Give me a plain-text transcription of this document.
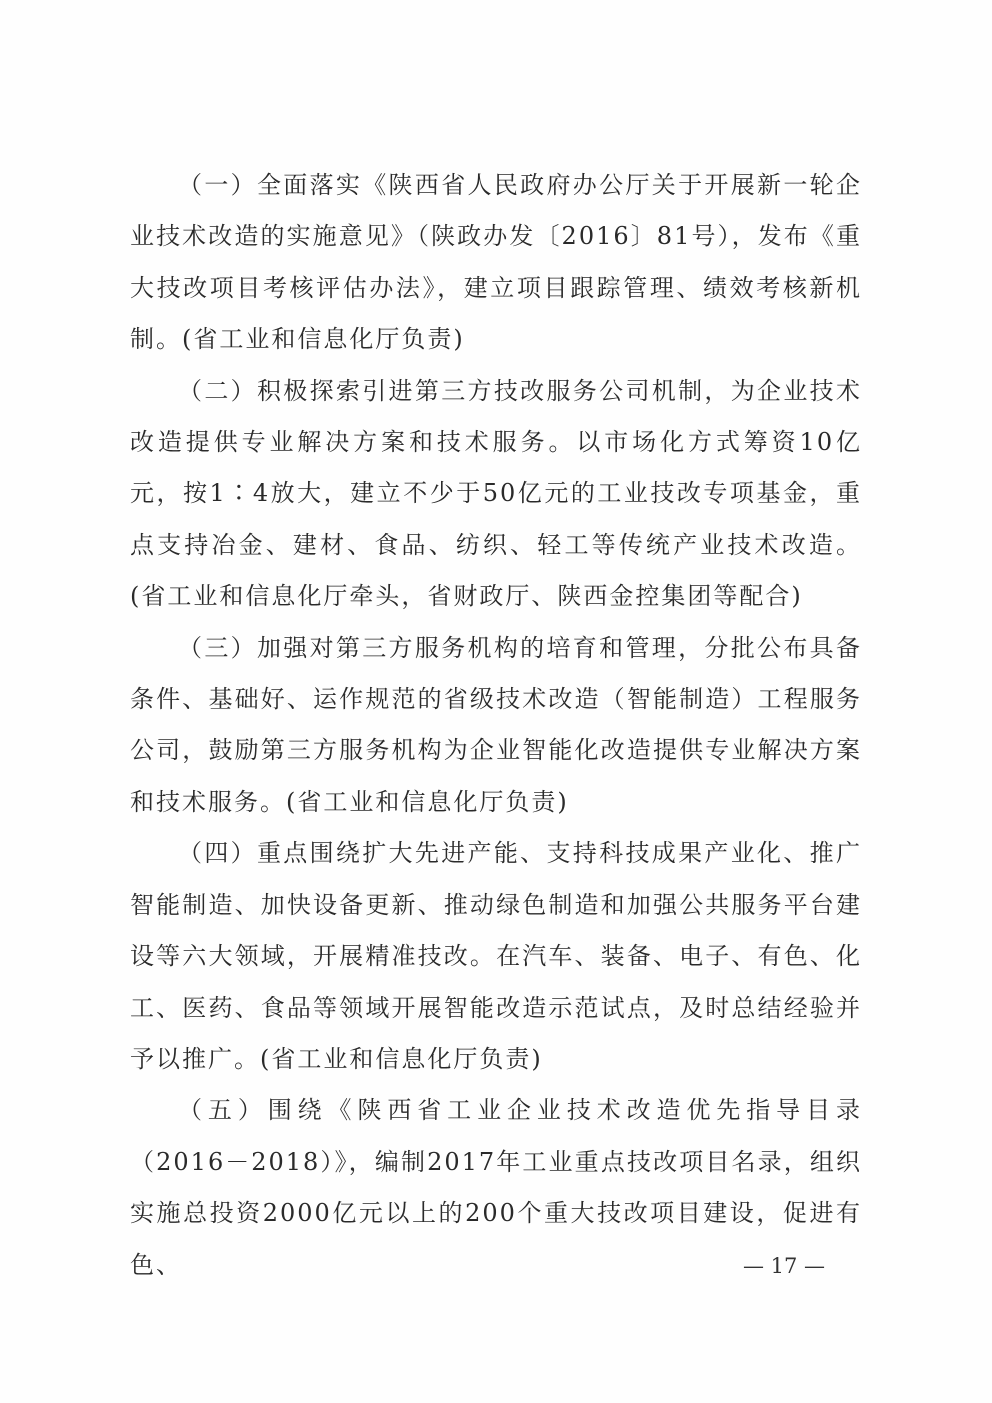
（一）全面落实《陕西省人民政府办公厅关于开展新一轮企业技术改造的实施意见》（陕政办发〔2016〕81号），发布《重大技改项目考核评估办法》，建立项目跟踪管理、绩效考核新机制。(省工业和信息化厅负责)

（二）积极探索引进第三方技改服务公司机制，为企业技术改造提供专业解决方案和技术服务。以市场化方式筹资10亿元，按1∶4放大，建立不少于50亿元的工业技改专项基金，重点支持冶金、建材、食品、纺织、轻工等传统产业技术改造。(省工业和信息化厅牵头，省财政厅、陕西金控集团等配合)

（三）加强对第三方服务机构的培育和管理，分批公布具备条件、基础好、运作规范的省级技术改造（智能制造）工程服务公司，鼓励第三方服务机构为企业智能化改造提供专业解决方案和技术服务。(省工业和信息化厅负责)

（四）重点围绕扩大先进产能、支持科技成果产业化、推广智能制造、加快设备更新、推动绿色制造和加强公共服务平台建设等六大领域，开展精准技改。在汽车、装备、电子、有色、化工、医药、食品等领域开展智能改造示范试点，及时总结经验并予以推广。(省工业和信息化厅负责)

（五）围绕《陕西省工业企业技术改造优先指导目录（2016－2018）》，编制2017年工业重点技改项目名录，组织实施总投资2000亿元以上的200个重大技改项目建设，促进有色、	— 17 —
